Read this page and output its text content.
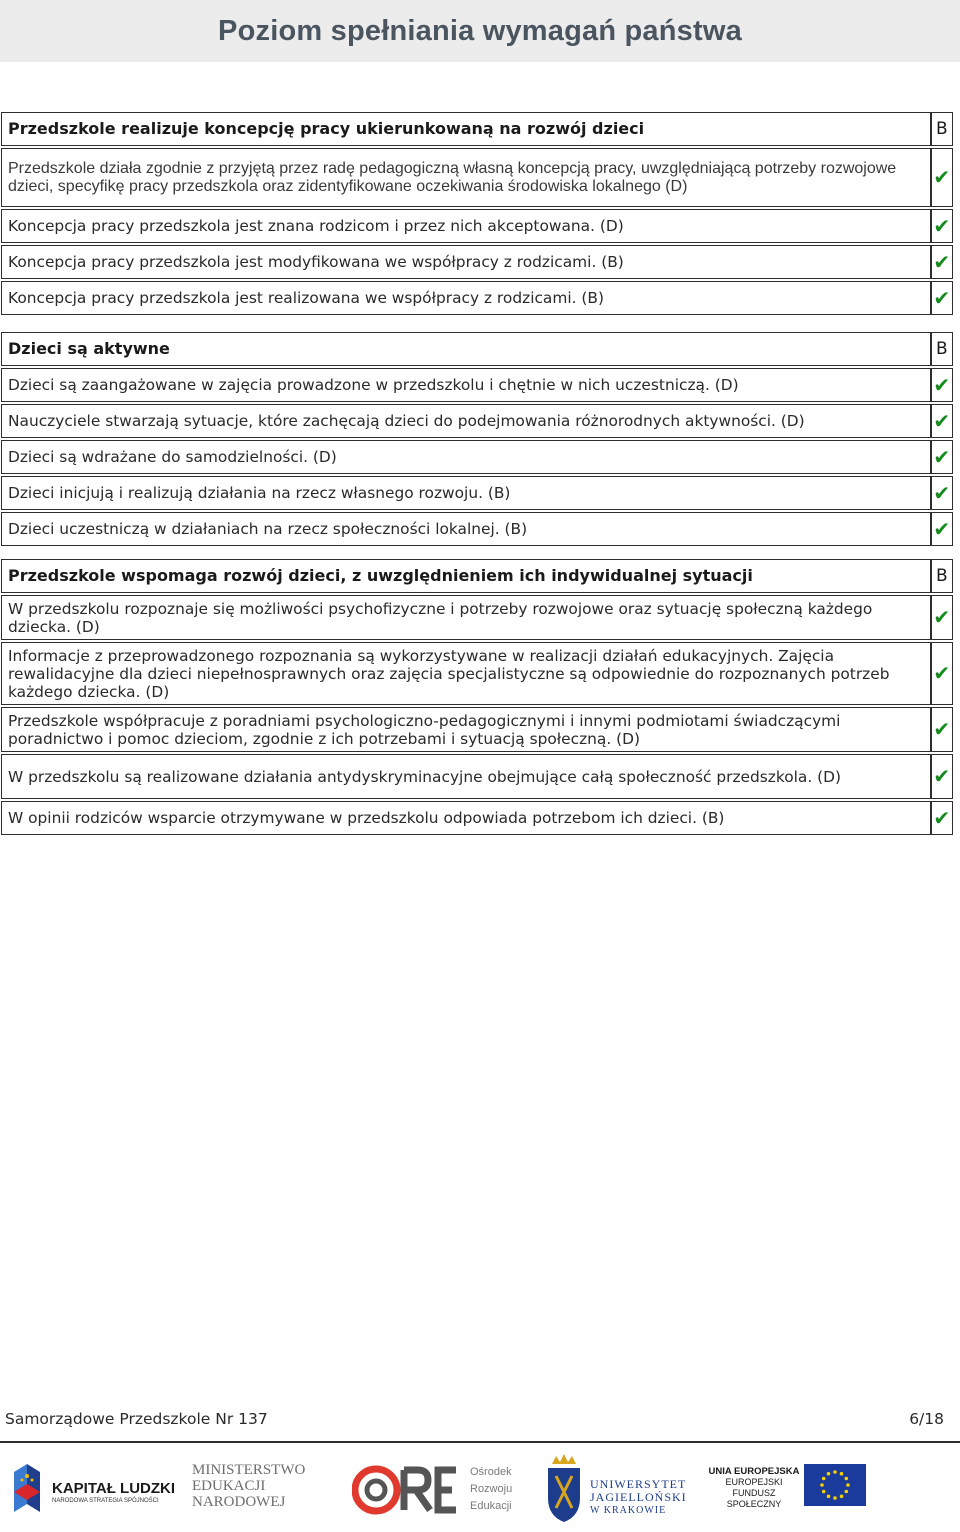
Poziom spełniania wymagań państwa
Przedszkole realizuje koncepcję pracy ukierunkowaną na rozwój dzieci	B
Przedszkole działa zgodnie z przyjętą przez radę pedagogiczną własną koncepcją pracy, uwzględniającą potrzeby rozwojowe dzieci, specyfikę pracy przedszkola oraz zidentyfikowane oczekiwania środowiska lokalnego (D)	✔
Koncepcja pracy przedszkola jest znana rodzicom i przez nich akceptowana. (D)	✔
Koncepcja pracy przedszkola jest modyfikowana we współpracy z rodzicami. (B)	✔
Koncepcja pracy przedszkola jest realizowana we współpracy z rodzicami. (B)	✔
Dzieci są aktywne	B
Dzieci są zaangażowane w zajęcia prowadzone w przedszkolu i chętnie w nich uczestniczą. (D)	✔
Nauczyciele stwarzają sytuacje, które zachęcają dzieci do podejmowania różnorodnych aktywności. (D)	✔
Dzieci są wdrażane do samodzielności. (D)	✔
Dzieci inicjują i realizują działania na rzecz własnego rozwoju. (B)	✔
Dzieci uczestniczą w działaniach na rzecz społeczności lokalnej. (B)	✔
Przedszkole wspomaga rozwój dzieci, z uwzględnieniem ich indywidualnej sytuacji	B
W przedszkolu rozpoznaje się możliwości psychofizyczne i potrzeby rozwojowe oraz sytuację społeczną każdego dziecka. (D)	✔
Informacje z przeprowadzonego rozpoznania są wykorzystywane w realizacji działań edukacyjnych. Zajęcia rewalidacyjne dla dzieci niepełnosprawnych oraz zajęcia specjalistyczne są odpowiednie do rozpoznanych potrzeb każdego dziecka. (D)	✔
Przedszkole współpracuje z poradniami psychologiczno-pedagogicznymi i innymi podmiotami świadczącymi poradnictwo i pomoc dzieciom, zgodnie z ich potrzebami i sytuacją społeczną. (D)	✔
W przedszkolu są realizowane działania antydyskryminacyjne obejmujące całą społeczność przedszkola. (D)	✔
W opinii rodziców wsparcie otrzymywane w przedszkolu odpowiada potrzebom ich dzieci. (B)	✔
Samorządowe Przedszkole Nr 137	6/18
KAPITAŁ LUDZKI
NARODOWA STRATEGIA SPÓJNOŚCI
MINISTERSTWO
EDUKACJI
NARODOWEJ
Ośrodek
Rozwoju
Edukacji
UNIWERSYTET
JAGIELLOŃSKI
W KRAKOWIE
UNIA EUROPEJSKA
EUROPEJSKI
FUNDUSZ SPOŁECZNY
